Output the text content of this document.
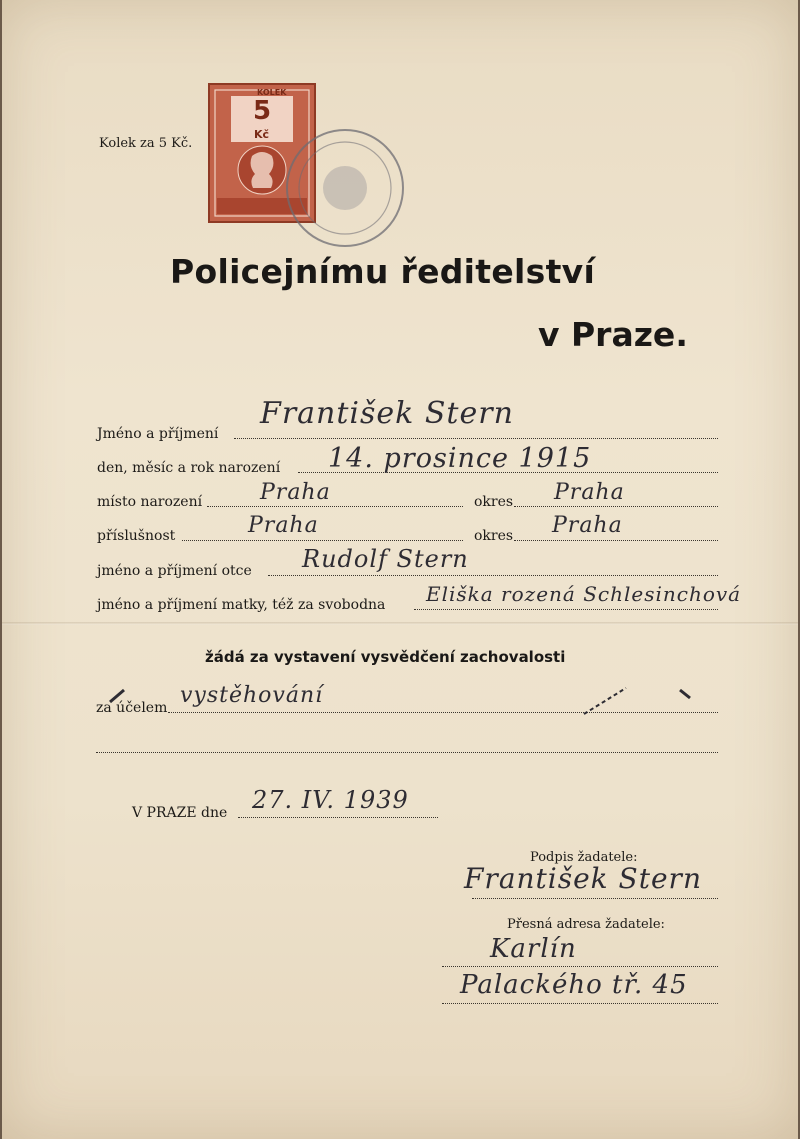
Kolek za 5 Kč.
KOLEK
5
Kč
Policejnímu ředitelství
v Praze.
Jméno a příjmení
František Stern
den, měsíc a rok narození 14. prosince 1915
místo narození	Praha	okres Praha
příslušnost	Praha	okres Praha
jméno a příjmení otce Rudolf Stern
jméno a příjmení matky, též za svobodna Eliška rozená Schlesinchová
žádá za vystavení vysvědčení zachovalosti
za účelem vystěhování
V PRAZE dne 27. IV. 1939
Podpis žadatele:
František Stern
Přesná adresa žadatele:
Karlín
Palackého tř. 45
